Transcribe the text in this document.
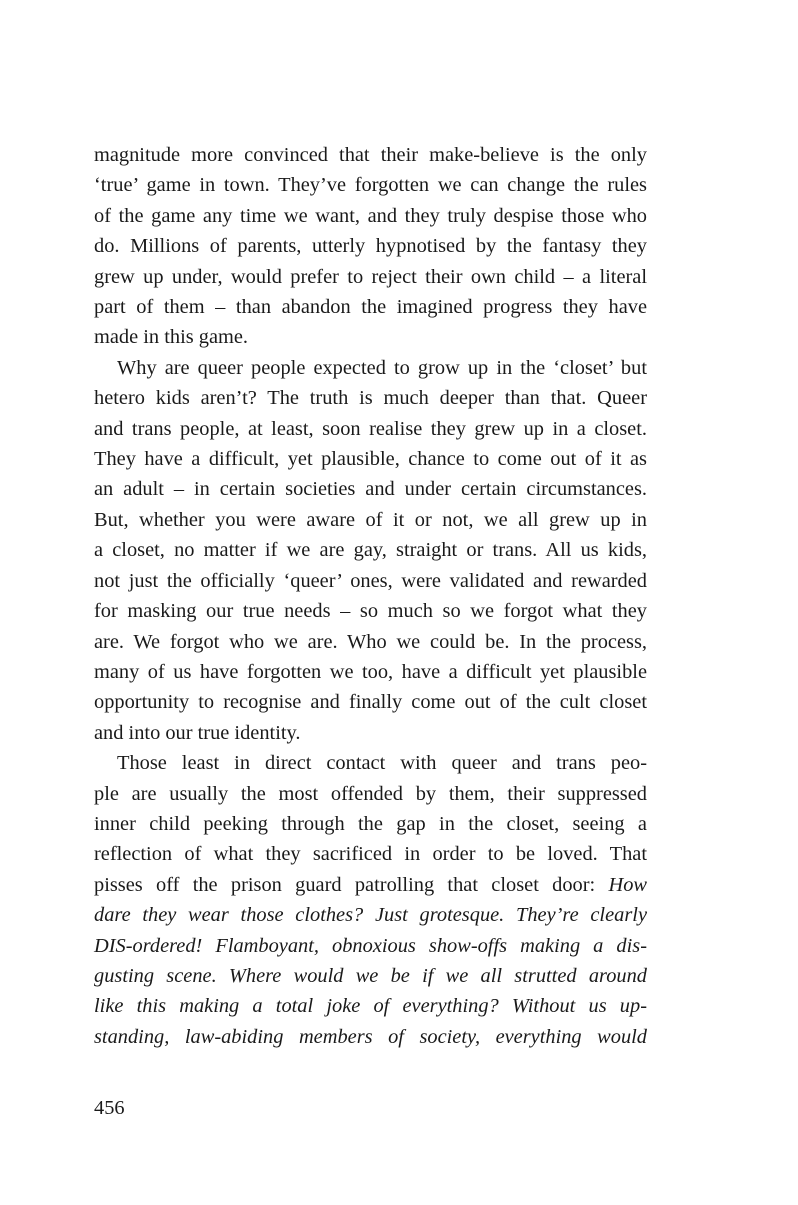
magnitude more convinced that their make-believe is the only
‘true’ game in town. They’ve forgotten we can change the rules
of the game any time we want, and they truly despise those who
do. Millions of parents, utterly hypnotised by the fantasy they
grew up under, would prefer to reject their own child – a literal
part of them – than abandon the imagined progress they have
made in this game.

Why are queer people expected to grow up in the ‘closet’ but
hetero kids aren’t? The truth is much deeper than that. Queer
and trans people, at least, soon realise they grew up in a closet.
They have a difficult, yet plausible, chance to come out of it as
an adult – in certain societies and under certain circumstances.
But, whether you were aware of it or not, we all grew up in
a closet, no matter if we are gay, straight or trans. All us kids,
not just the officially ‘queer’ ones, were validated and rewarded
for masking our true needs – so much so we forgot what they
are. We forgot who we are. Who we could be. In the process,
many of us have forgotten we too, have a difficult yet plausible
opportunity to recognise and finally come out of the cult closet
and into our true identity.

Those least in direct contact with queer and trans peo-
ple are usually the most offended by them, their suppressed
inner child peeking through the gap in the closet, seeing a
reflection of what they sacrificed in order to be loved. That
pisses off the prison guard patrolling that closet door: How
dare they wear those clothes? Just grotesque. They’re clearly
DIS-ordered! Flamboyant, obnoxious show-offs making a dis-
gusting scene. Where would we be if we all strutted around
like this making a total joke of everything? Without us up-
standing, law-abiding members of society, everything would

456
